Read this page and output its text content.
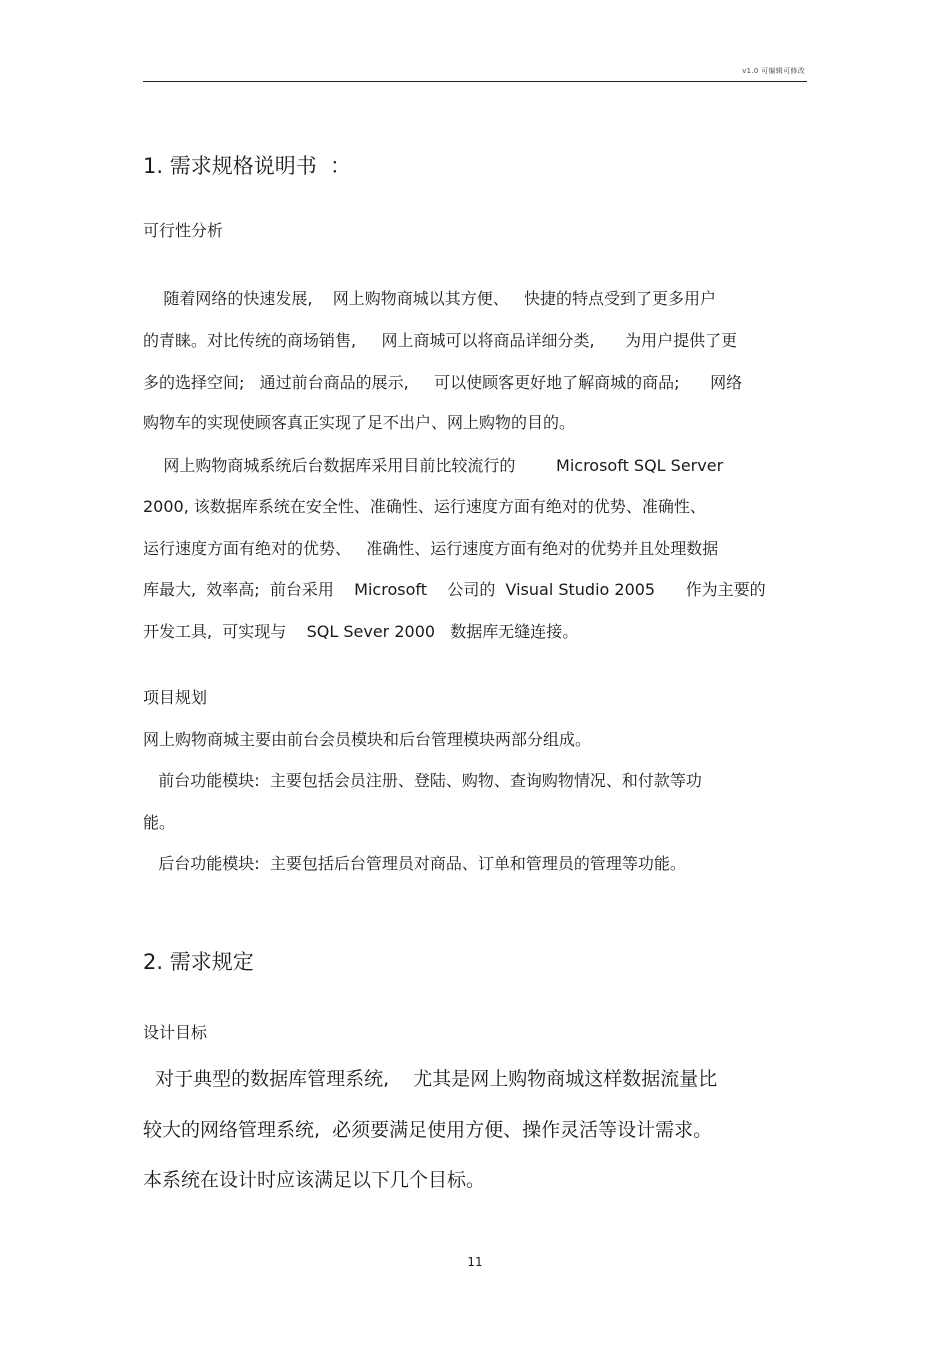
v1.0 可编辑可修改
1. 需求规格说明书  ：
可行性分析
随着网络的快速发展,    网上购物商城以其方便、   快捷的特点受到了更多用户
的青睐。对比传统的商场销售,     网上商城可以将商品详细分类,      为用户提供了更
多的选择空间;   通过前台商品的展示,     可以使顾客更好地了解商城的商品;      网络
购物车的实现使顾客真正实现了足不出户、网上购物的目的。
网上购物商城系统后台数据库采用目前比较流行的        Microsoft SQL Server
2000, 该数据库系统在安全性、准确性、运行速度方面有绝对的优势、准确性、
运行速度方面有绝对的优势、   准确性、运行速度方面有绝对的优势并且处理数据
库最大,  效率高;  前台采用    Microsoft    公司的  Visual Studio 2005      作为主要的
开发工具,  可实现与    SQL Sever 2000   数据库无缝连接。
项目规划
网上购物商城主要由前台会员模块和后台管理模块两部分组成。
前台功能模块:  主要包括会员注册、登陆、购物、查询购物情况、和付款等功
能。
后台功能模块:  主要包括后台管理员对商品、订单和管理员的管理等功能。
2. 需求规定
设计目标
对于典型的数据库管理系统,    尤其是网上购物商城这样数据流量比
较大的网络管理系统,  必须要满足使用方便、操作灵活等设计需求。
本系统在设计时应该满足以下几个目标。
11
